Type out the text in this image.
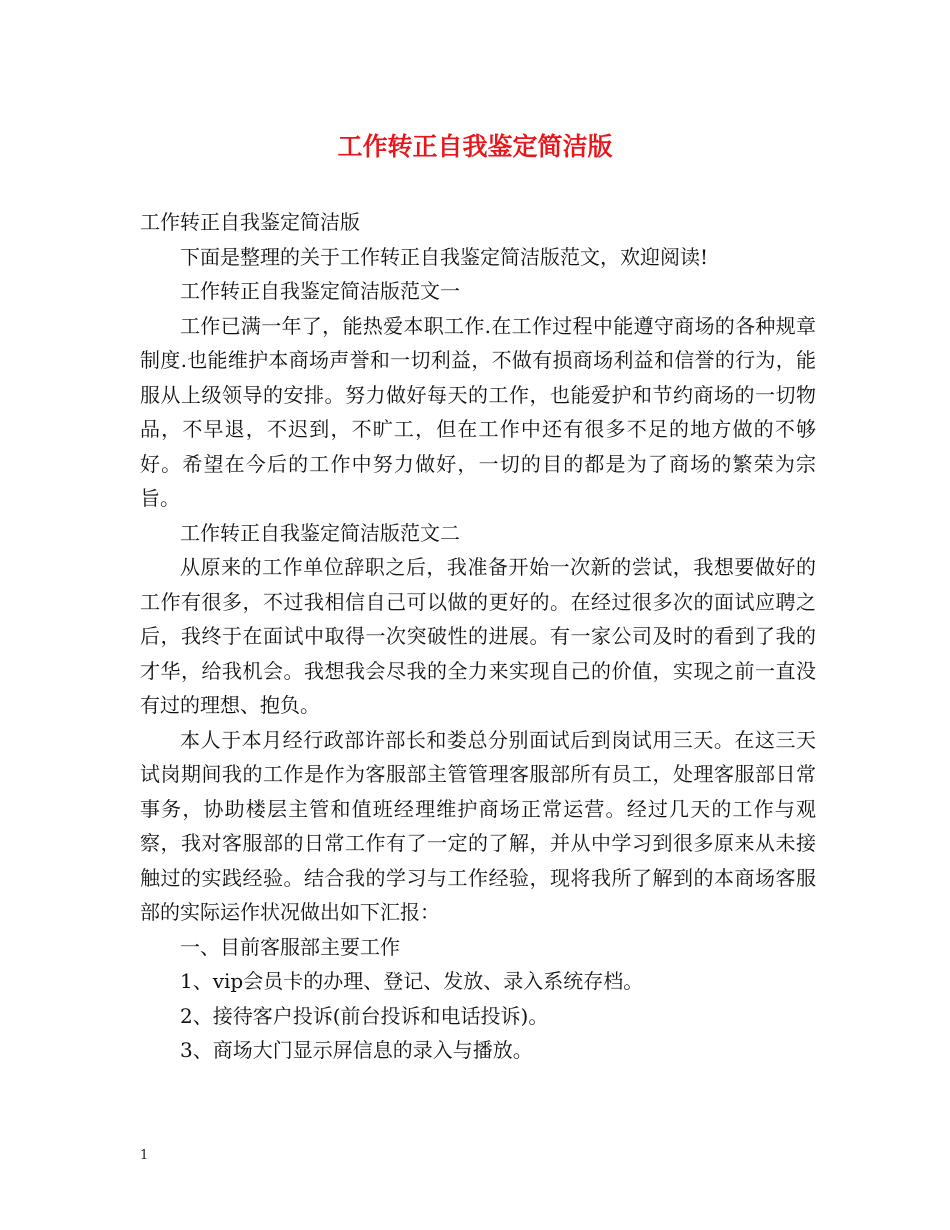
工作转正自我鉴定简洁版

工作转正自我鉴定简洁版

下面是整理的关于工作转正自我鉴定简洁版范文，欢迎阅读!

工作转正自我鉴定简洁版范文一

工作已满一年了，能热爱本职工作.在工作过程中能遵守商场的各种规章制度.也能维护本商场声誉和一切利益，不做有损商场利益和信誉的行为，能服从上级领导的安排。努力做好每天的工作，也能爱护和节约商场的一切物品，不早退，不迟到，不旷工，但在工作中还有很多不足的地方做的不够好。希望在今后的工作中努力做好，一切的目的都是为了商场的繁荣为宗旨。

工作转正自我鉴定简洁版范文二

从原来的工作单位辞职之后，我准备开始一次新的尝试，我想要做好的工作有很多，不过我相信自己可以做的更好的。在经过很多次的面试应聘之后，我终于在面试中取得一次突破性的进展。有一家公司及时的看到了我的才华，给我机会。我想我会尽我的全力来实现自己的价值，实现之前一直没有过的理想、抱负。

本人于本月经行政部许部长和娄总分别面试后到岗试用三天。在这三天试岗期间我的工作是作为客服部主管管理客服部所有员工，处理客服部日常事务，协助楼层主管和值班经理维护商场正常运营。经过几天的工作与观察，我对客服部的日常工作有了一定的了解，并从中学习到很多原来从未接触过的实践经验。结合我的学习与工作经验，现将我所了解到的本商场客服部的实际运作状况做出如下汇报：

一、目前客服部主要工作

1、vip会员卡的办理、登记、发放、录入系统存档。

2、接待客户投诉(前台投诉和电话投诉)。

3、商场大门显示屏信息的录入与播放。

1
